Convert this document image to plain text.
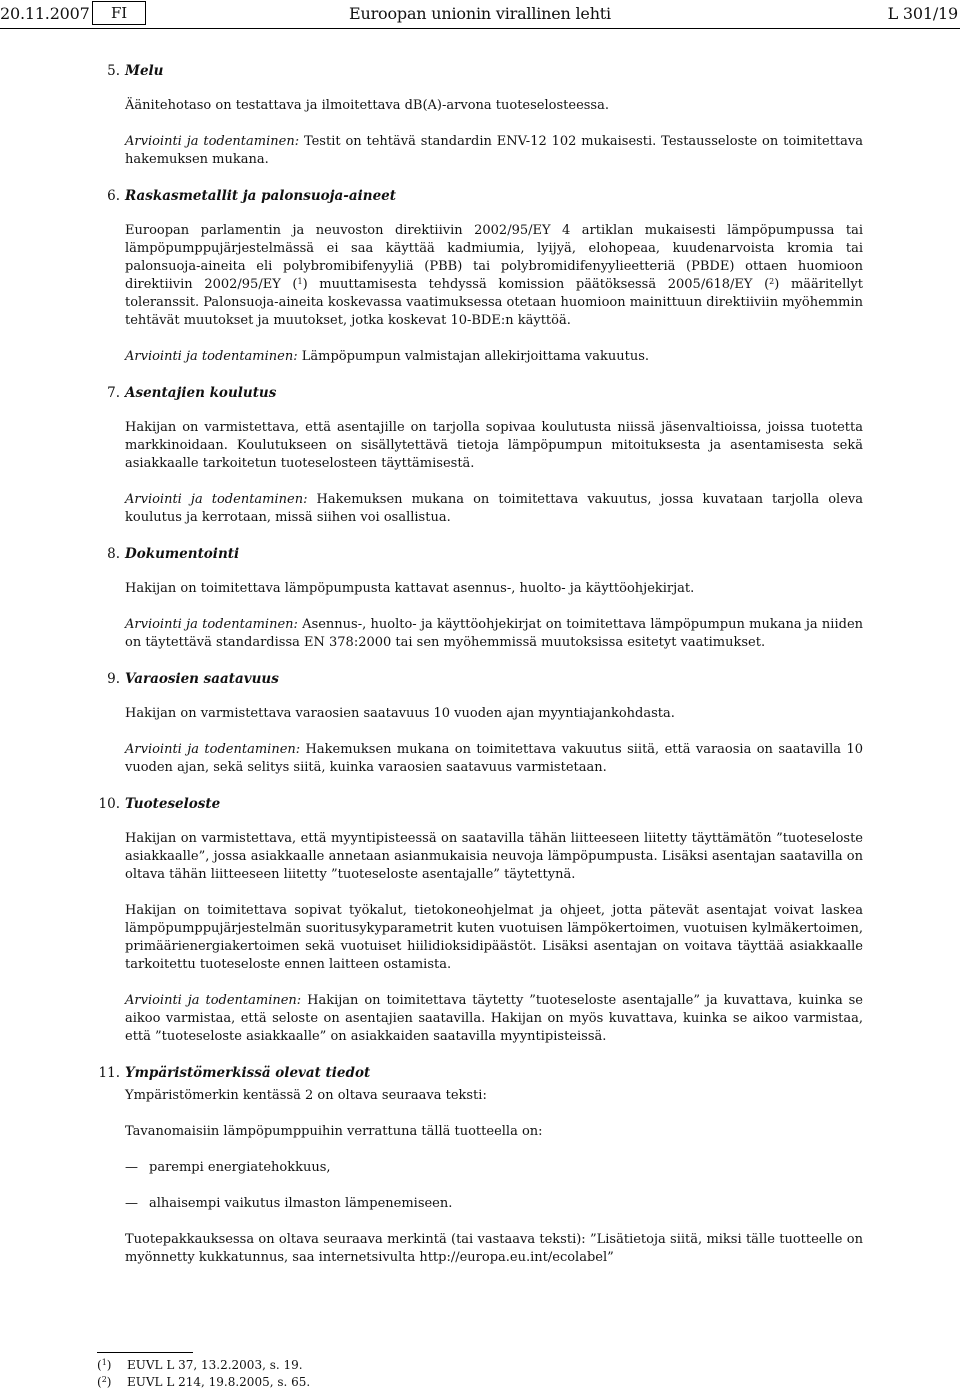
20.11.2007	FI	Euroopan unionin virallinen lehti	L 301/19
5. Melu

Äänitehotaso on testattava ja ilmoitettava dB(A)-arvona tuoteselosteessa.

Arviointi ja todentaminen: Testit on tehtävä standardin ENV-12 102 mukaisesti. Testausseloste on toimitettava hakemuksen mukana.

6. Raskasmetallit ja palonsuoja-aineet

Euroopan parlamentin ja neuvoston direktiivin 2002/95/EY 4 artiklan mukaisesti lämpöpumpussa tai lämpöpumppujärjestelmässä ei saa käyttää kadmiumia, lyijyä, elohopeaa, kuudenarvoista kromia tai palonsuoja-aineita eli polybromibifenyyliä (PBB) tai polybromidifenyylieetteriä (PBDE) ottaen huomioon direktiivin 2002/95/EY ($^1$) muuttamisesta tehdyssä komission päätöksessä 2005/618/EY ($^2$) määritellyt toleranssit. Palonsuoja-aineita koskevassa vaatimuksessa otetaan huomioon mainittuun direktiiviin myöhemmin tehtävät muutokset ja muutokset, jotka koskevat 10-BDE:n käyttöä.

Arviointi ja todentaminen: Lämpöpumpun valmistajan allekirjoittama vakuutus.

7. Asentajien koulutus

Hakijan on varmistettava, että asentajille on tarjolla sopivaa koulutusta niissä jäsenvaltioissa, joissa tuotetta markkinoidaan. Koulutukseen on sisällytettävä tietoja lämpöpumpun mitoituksesta ja asentamisesta sekä asiakkaalle tarkoitetun tuoteselosteen täyttämisestä.

Arviointi ja todentaminen: Hakemuksen mukana on toimitettava vakuutus, jossa kuvataan tarjolla oleva koulutus ja kerrotaan, missä siihen voi osallistua.

8. Dokumentointi

Hakijan on toimitettava lämpöpumpusta kattavat asennus-, huolto- ja käyttöohjekirjat.

Arviointi ja todentaminen: Asennus-, huolto- ja käyttöohjekirjat on toimitettava lämpöpumpun mukana ja niiden on täytettävä standardissa EN 378:2000 tai sen myöhemmissä muutoksissa esitetyt vaatimukset.

9. Varaosien saatavuus

Hakijan on varmistettava varaosien saatavuus 10 vuoden ajan myyntiajankohdasta.

Arviointi ja todentaminen: Hakemuksen mukana on toimitettava vakuutus siitä, että varaosia on saatavilla 10 vuoden ajan, sekä selitys siitä, kuinka varaosien saatavuus varmistetaan.

10. Tuoteseloste

Hakijan on varmistettava, että myyntipisteessä on saatavilla tähän liitteeseen liitetty täyttämätön ”tuoteseloste asiakkaalle”, jossa asiakkaalle annetaan asianmukaisia neuvoja lämpöpumpusta. Lisäksi asentajan saatavilla on oltava tähän liitteeseen liitetty ”tuoteseloste asentajalle” täytettynä.

Hakijan on toimitettava sopivat työkalut, tietokoneohjelmat ja ohjeet, jotta pätevät asentajat voivat laskea lämpöpumppujärjestelmän suoritusykyparametrit kuten vuotuisen lämpökertoimen, vuotuisen kylmäkertoimen, primäärienergiakertoimen sekä vuotuiset hiilidioksidipäästöt. Lisäksi asentajan on voitava täyttää asiakkaalle tarkoitettu tuoteseloste ennen laitteen ostamista.

Arviointi ja todentaminen: Hakijan on toimitettava täytetty ”tuoteseloste asentajalle” ja kuvattava, kuinka se aikoo varmistaa, että seloste on asentajien saatavilla. Hakijan on myös kuvattava, kuinka se aikoo varmistaa, että ”tuoteseloste asiakkaalle” on asiakkaiden saatavilla myyntipisteissä.

11. Ympäristömerkissä olevat tiedot

Ympäristömerkin kentässä 2 on oltava seuraava teksti:

Tavanomaisiin lämpöpumppuihin verrattuna tällä tuotteella on:

— parempi energiatehokkuus,

— alhaisempi vaikutus ilmaston lämpenemiseen.

Tuotepakkauksessa on oltava seuraava merkintä (tai vastaava teksti): ”Lisätietoja siitä, miksi tälle tuotteelle on myönnetty kukkatunnus, saa internetsivulta http://europa.eu.int/ecolabel”

($^1$) EUVL L 37, 13.2.2003, s. 19.
($^2$) EUVL L 214, 19.8.2005, s. 65.
